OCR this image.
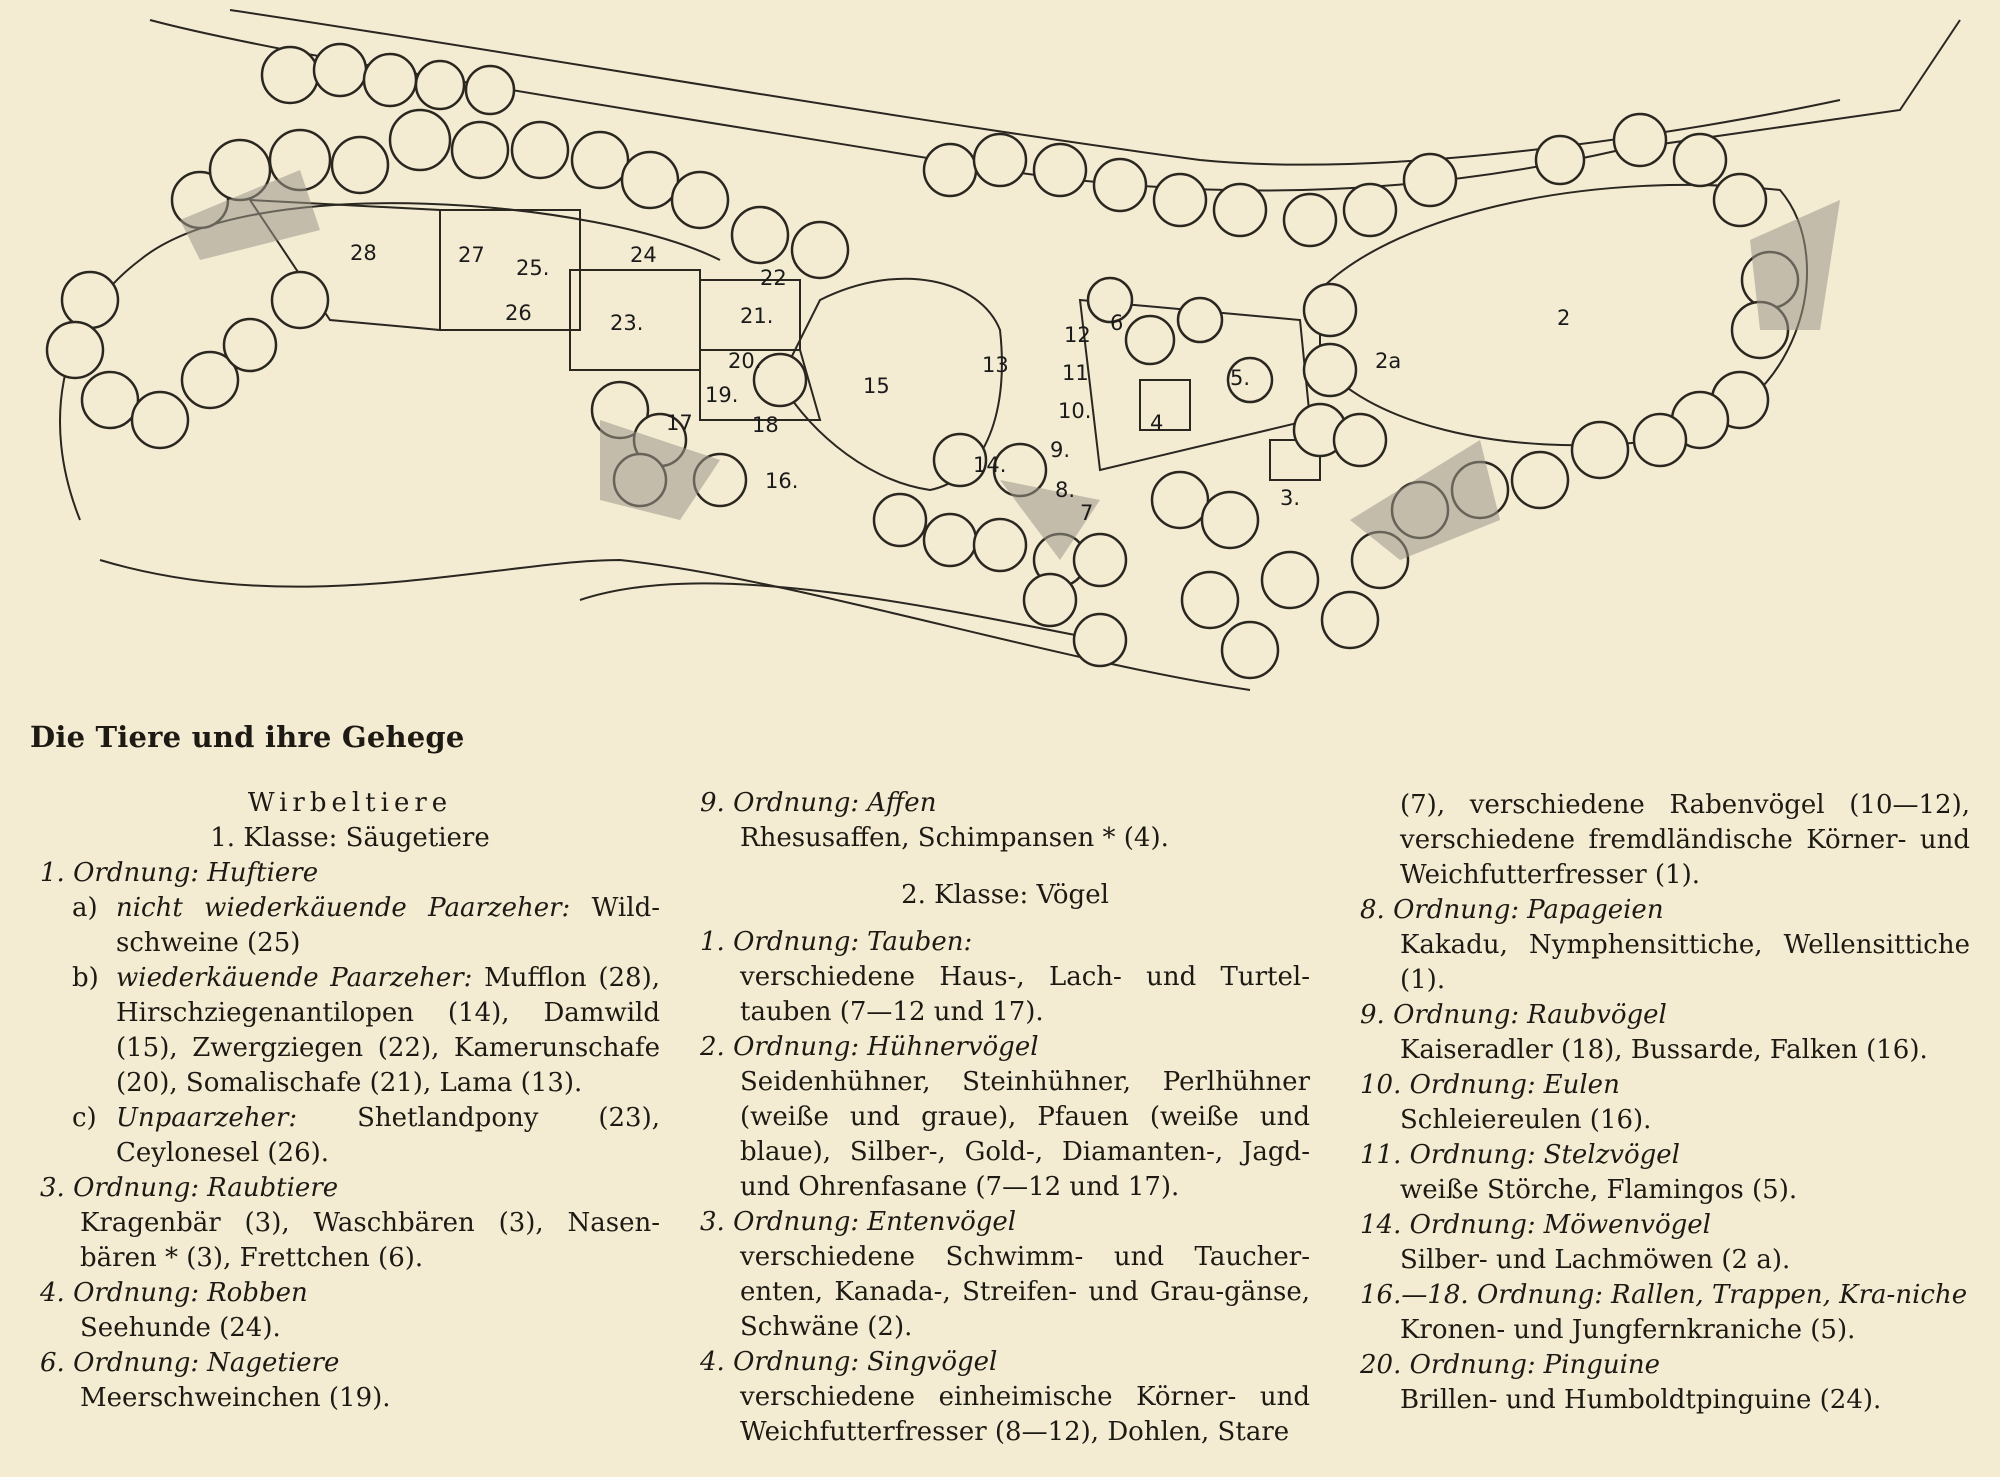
28	27
25.
24
22
21.
26	23.
20.
19.
18
17
16.
15
13
12
11
10.
9.
8.
7
6
5.
4
3.
14.
2
2a
Die Tiere und ihre Gehege
Wirbeltiere
1. Klasse: Säugetiere
1. Ordnung: Huftiere
a) nicht wiederkäuende Paarzeher: Wild-schweine (25)
b) wiederkäuende Paarzeher: Mufflon (28), Hirschziegenantilopen (14), Damwild (15), Zwergziegen (22), Kamerunschafe (20), Somalischafe (21), Lama (13).
c) Unpaarzeher: Shetlandpony (23), Ceylonesel (26).
3. Ordnung: Raubtiere
Kragenbär (3), Waschbären (3), Nasen-bären * (3), Frettchen (6).
4. Ordnung: Robben
Seehunde (24).
6. Ordnung: Nagetiere
Meerschweinchen (19).
9. Ordnung: Affen
Rhesusaffen, Schimpansen * (4).
2. Klasse: Vögel
1. Ordnung: Tauben:
verschiedene Haus-, Lach- und Turtel-tauben (7—12 und 17).
2. Ordnung: Hühnervögel
Seidenhühner, Steinhühner, Perlhühner (weiße und graue), Pfauen (weiße und blaue), Silber-, Gold-, Diamanten-, Jagd- und Ohrenfasane (7—12 und 17).
3. Ordnung: Entenvögel
verschiedene Schwimm- und Taucher-enten, Kanada-, Streifen- und Grau-gänse, Schwäne (2).
4. Ordnung: Singvögel
verschiedene einheimische Körner- und Weichfutterfresser (8—12), Dohlen, Stare
(7), verschiedene Rabenvögel (10—12), verschiedene fremdländische Körner- und Weichfutterfresser (1).
8. Ordnung: Papageien
Kakadu, Nymphensittiche, Wellensittiche (1).
9. Ordnung: Raubvögel
Kaiseradler (18), Bussarde, Falken (16).
10. Ordnung: Eulen
Schleiereulen (16).
11. Ordnung: Stelzvögel
weiße Störche, Flamingos (5).
14. Ordnung: Möwenvögel
Silber- und Lachmöwen (2 a).
16.—18. Ordnung: Rallen, Trappen, Kra-niche
Kronen- und Jungfernkraniche (5).
20. Ordnung: Pinguine
Brillen- und Humboldtpinguine (24).
